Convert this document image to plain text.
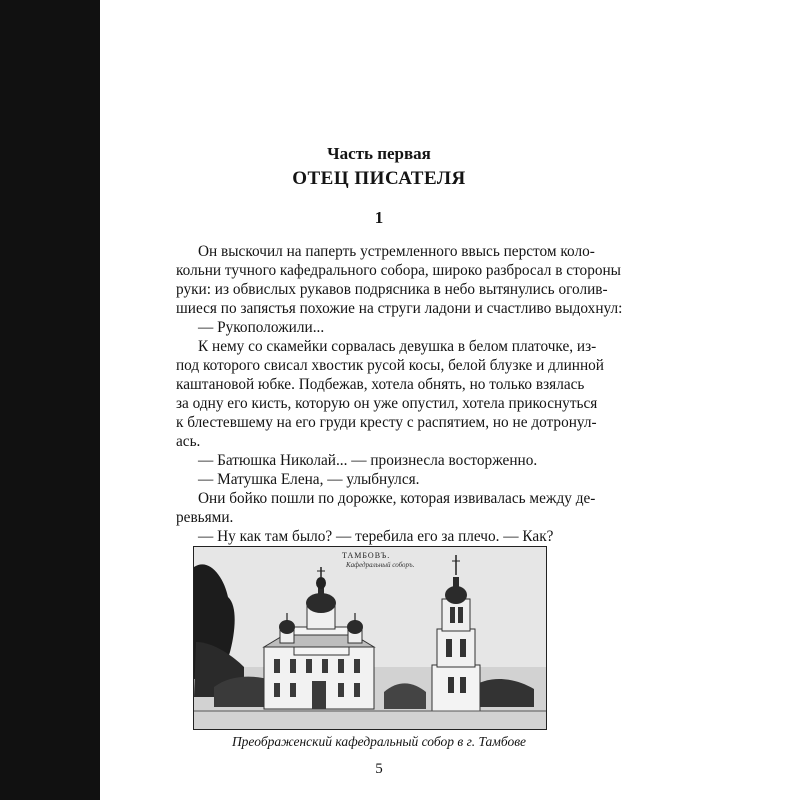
Часть первая
ОТЕЦ ПИСАТЕЛЯ
1
Он выскочил на паперть устремленного ввысь перстом коло-
кольни тучного кафедрального собора, широко разбросал в стороны
руки: из обвислых рукавов подрясника в небо вытянулись оголив-
шиеся по запястья похожие на струги ладони и счастливо выдохнул:
— Рукоположили...
К нему со скамейки сорвалась девушка в белом платочке, из-
под которого свисал хвостик русой косы, белой блузке и длинной
каштановой юбке. Подбежав, хотела обнять, но только взялась
за одну его кисть, которую он уже опустил, хотела прикоснуться
к блестевшему на его груди кресту с распятием, но не дотронул-
ась.
— Батюшка Николай... — произнесла восторженно.
— Матушка Елена, — улыбнулся.
Они бойко пошли по дорожке, которая извивалась между де-
ревьями.
— Ну как там было? — теребила его за плечо. — Как?
ТАМБОВЪ.
Кафедральный соборъ.
Преображенский кафедральный собор в г. Тамбове
5
